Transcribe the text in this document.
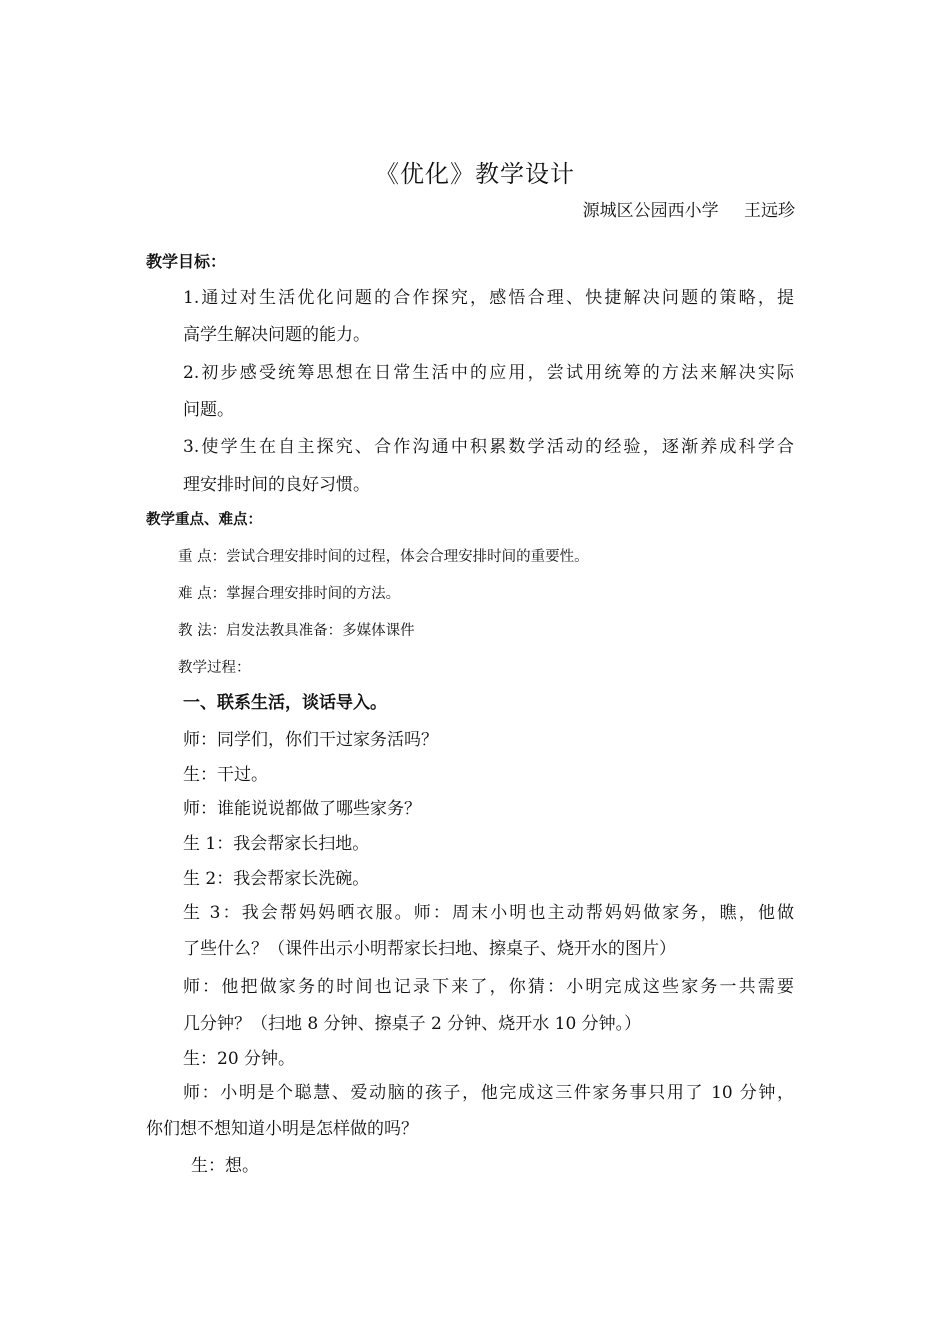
《优化》教学设计
源城区公园西小学 王远珍
教学目标：
1.通过对生活优化问题的合作探究，感悟合理、快捷解决问题的策略，提
高学生解决问题的能力。
2.初步感受统筹思想在日常生活中的应用，尝试用统筹的方法来解决实际
问题。
3.使学生在自主探究、合作沟通中积累数学活动的经验，逐渐养成科学合
理安排时间的良好习惯。
教学重点、难点：
重 点：尝试合理安排时间的过程，体会合理安排时间的重要性。
难 点：掌握合理安排时间的方法。
教 法：启发法教具准备：多媒体课件
教学过程：
一、联系生活，谈话导入。
师：同学们，你们干过家务活吗？
生：干过。
师：谁能说说都做了哪些家务？
生 1：我会帮家长扫地。
生 2：我会帮家长洗碗。
生 3：我会帮妈妈晒衣服。师：周末小明也主动帮妈妈做家务，瞧，他做
了些什么？（课件出示小明帮家长扫地、擦桌子、烧开水的图片）
师：他把做家务的时间也记录下来了，你猜：小明完成这些家务一共需要
几分钟？（扫地 8 分钟、擦桌子 2 分钟、烧开水 10 分钟。）
生：20 分钟。
师：小明是个聪慧、爱动脑的孩子，他完成这三件家务事只用了 10 分钟，
你们想不想知道小明是怎样做的吗？
生：想。
